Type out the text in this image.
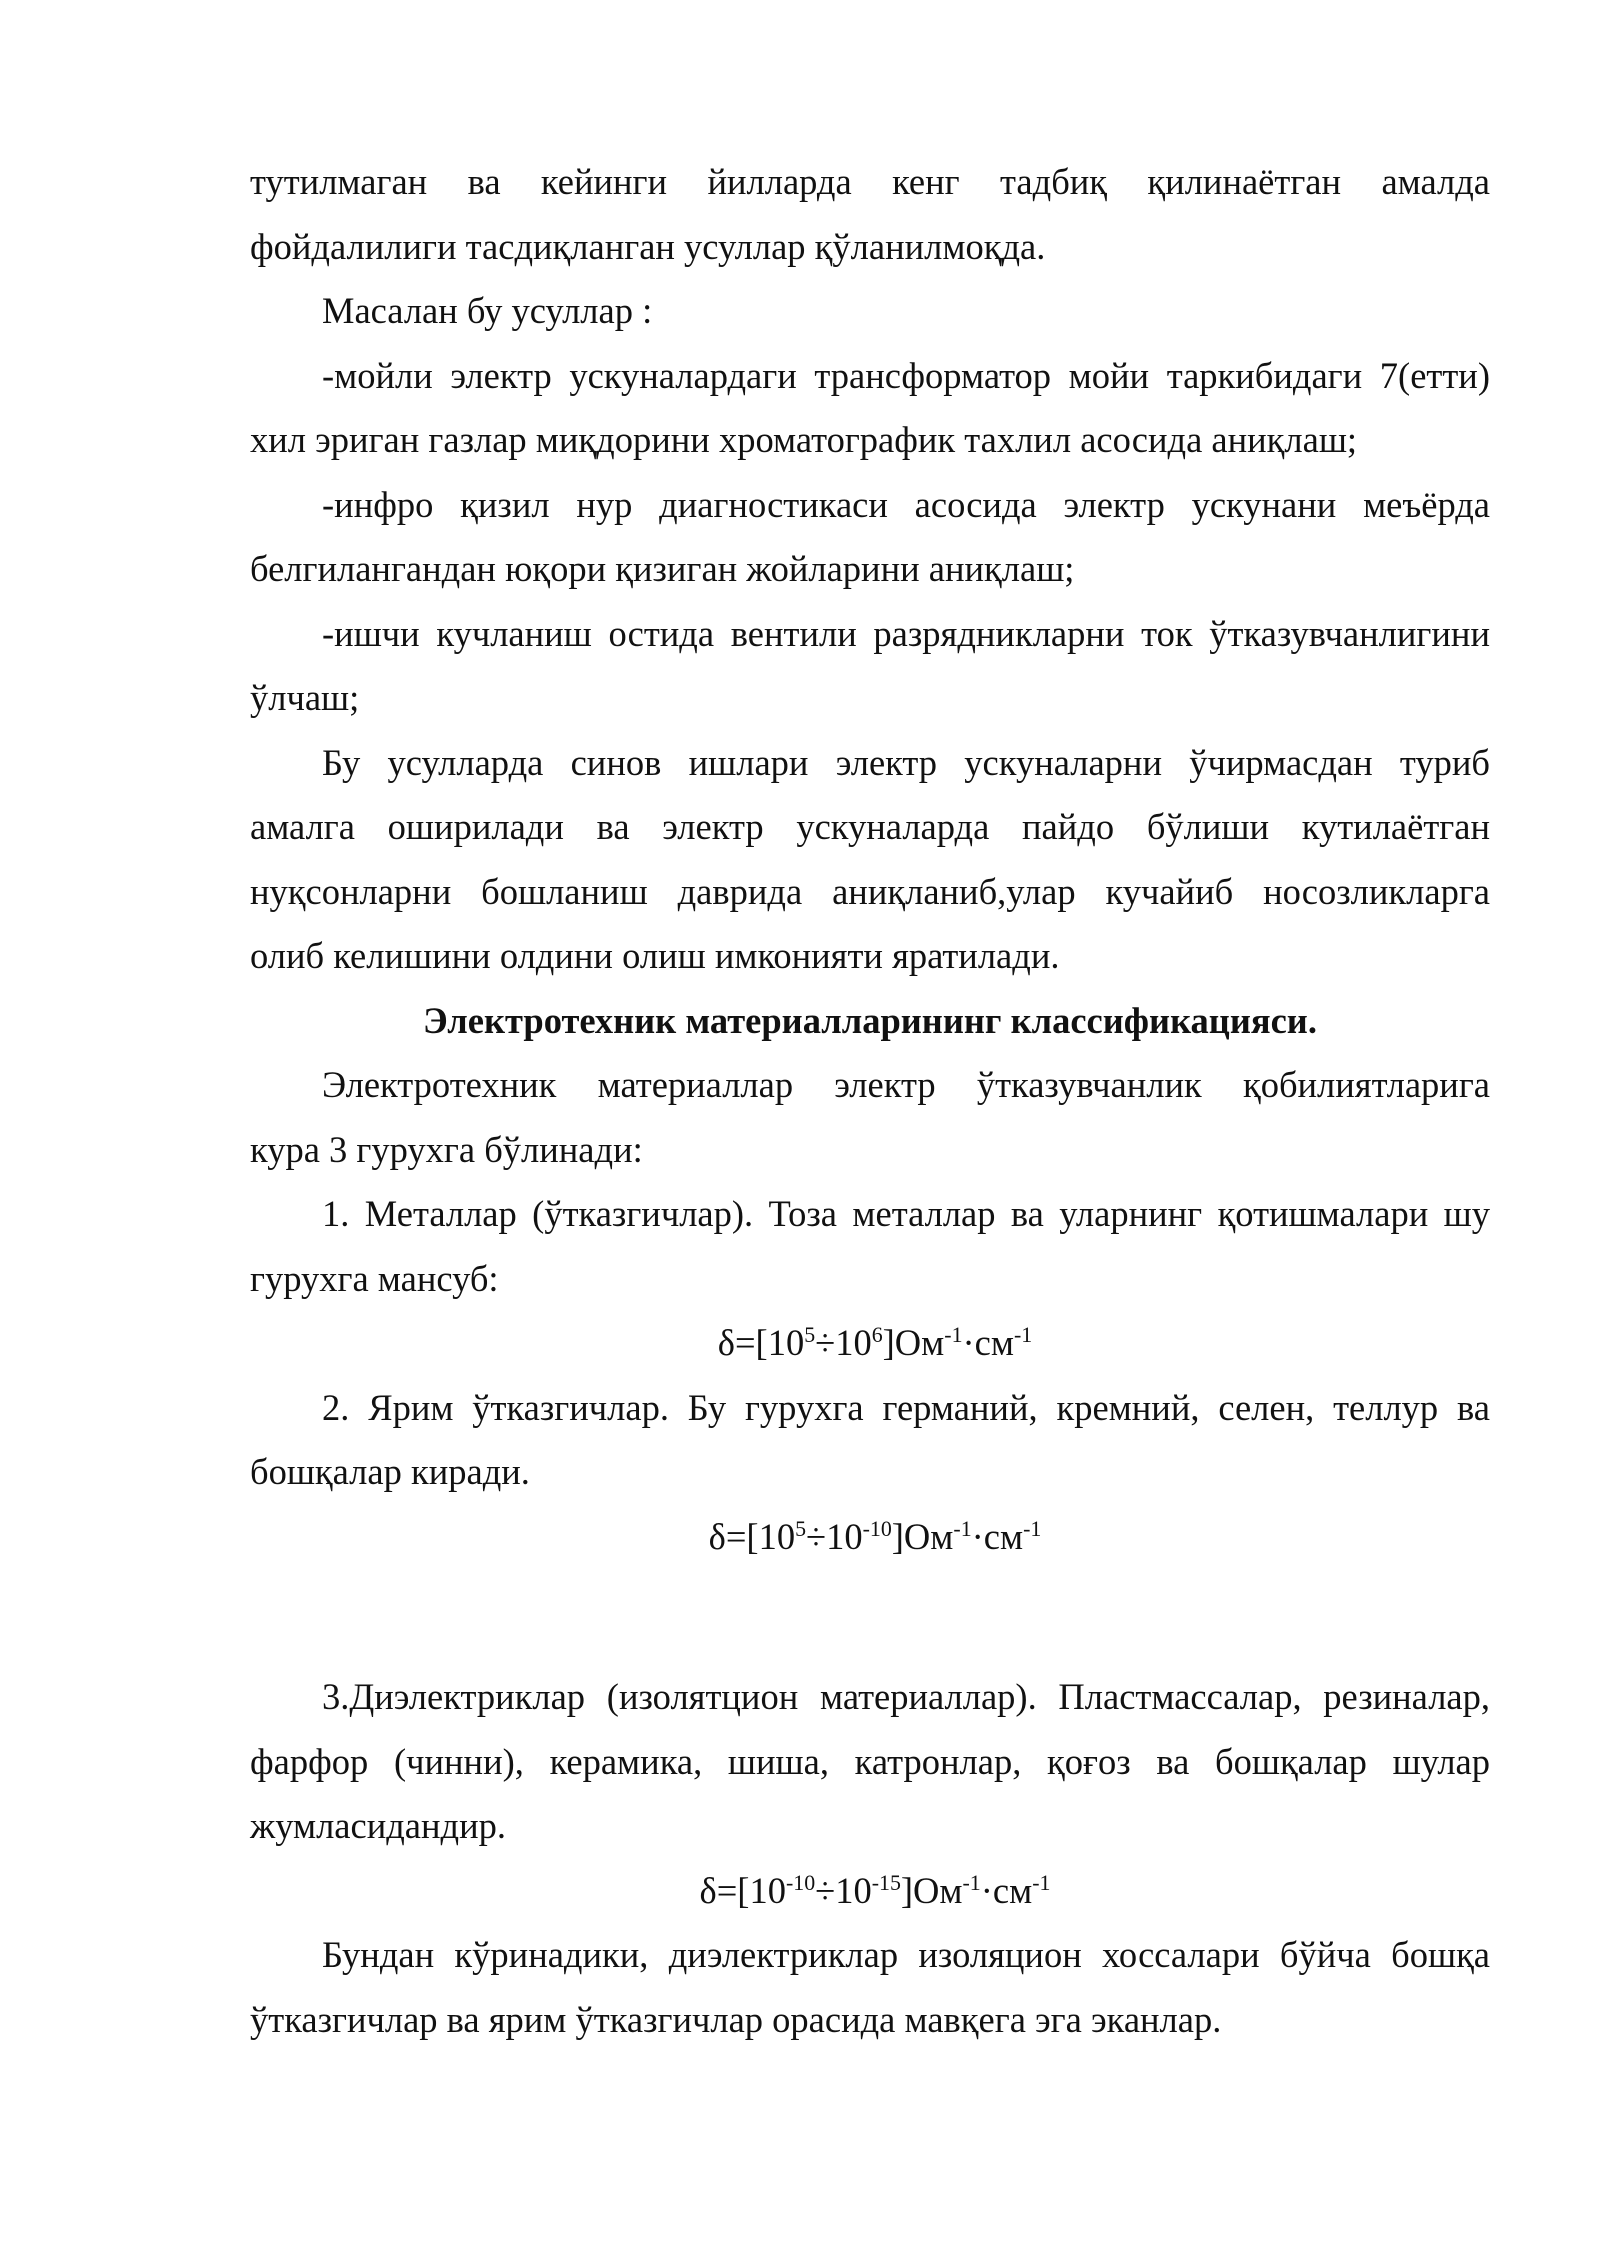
тутилмаган ва кейинги йилларда кенг тадбиқ қилинаётган амалда
фойдалилиги тасдиқланган усуллар қўланилмоқда.
Масалан бу усуллар :
-мойли электр ускуналардаги трансформатор мойи таркибидаги 7(етти)
хил эриган газлар миқдорини хроматографик тахлил асосида аниқлаш;
-инфро қизил нур диагностикаси асосида электр ускунани меъёрда
белгилангандан юқори қизиган жойларини аниқлаш;
-ишчи кучланиш остида вентили разрядникларни ток ўтказувчанлигини
ўлчаш;
Бу усулларда синов ишлари электр ускуналарни ўчирмасдан туриб
амалга оширилади ва электр ускуналарда пайдо бўлиши кутилаётган
нуқсонларни бошланиш даврида аниқланиб,улар кучайиб носозликларга
олиб келишини олдини олиш имконияти яратилади.
Электротехник материалларининг классификацияси.
Электротехник материаллар электр ўтказувчанлик қобилиятларига
кура 3 гурухга бўлинади:
1. Металлар (ўтказгичлар). Тоза металлар ва уларнинг қотишмалари шу
гурухга мансуб:
$\delta=[10^5\div 10^6]Ом^{-1}\cdot см^{-1}$
2. Ярим ўтказгичлар. Бу гурухга германий, кремний, селен, теллур ва
бошқалар киради.
$\delta=[10^5\div 10^{-10}]Ом^{-1}\cdot см^{-1}$
3.Диэлектриклар (изолятцион материаллар). Пластмассалар, резиналар,
фарфор (чинни), керамика, шиша, катронлар, қоғоз ва бошқалар шулар
жумласидандир.
$\delta=[10^{-10}\div 10^{-15}]Ом^{-1}\cdot см^{-1}$
Бундан кўринадики, диэлектриклар изоляцион хоссалари бўйча бошқа
ўтказгичлар ва ярим ўтказгичлар орасида мавқега эга эканлар.
